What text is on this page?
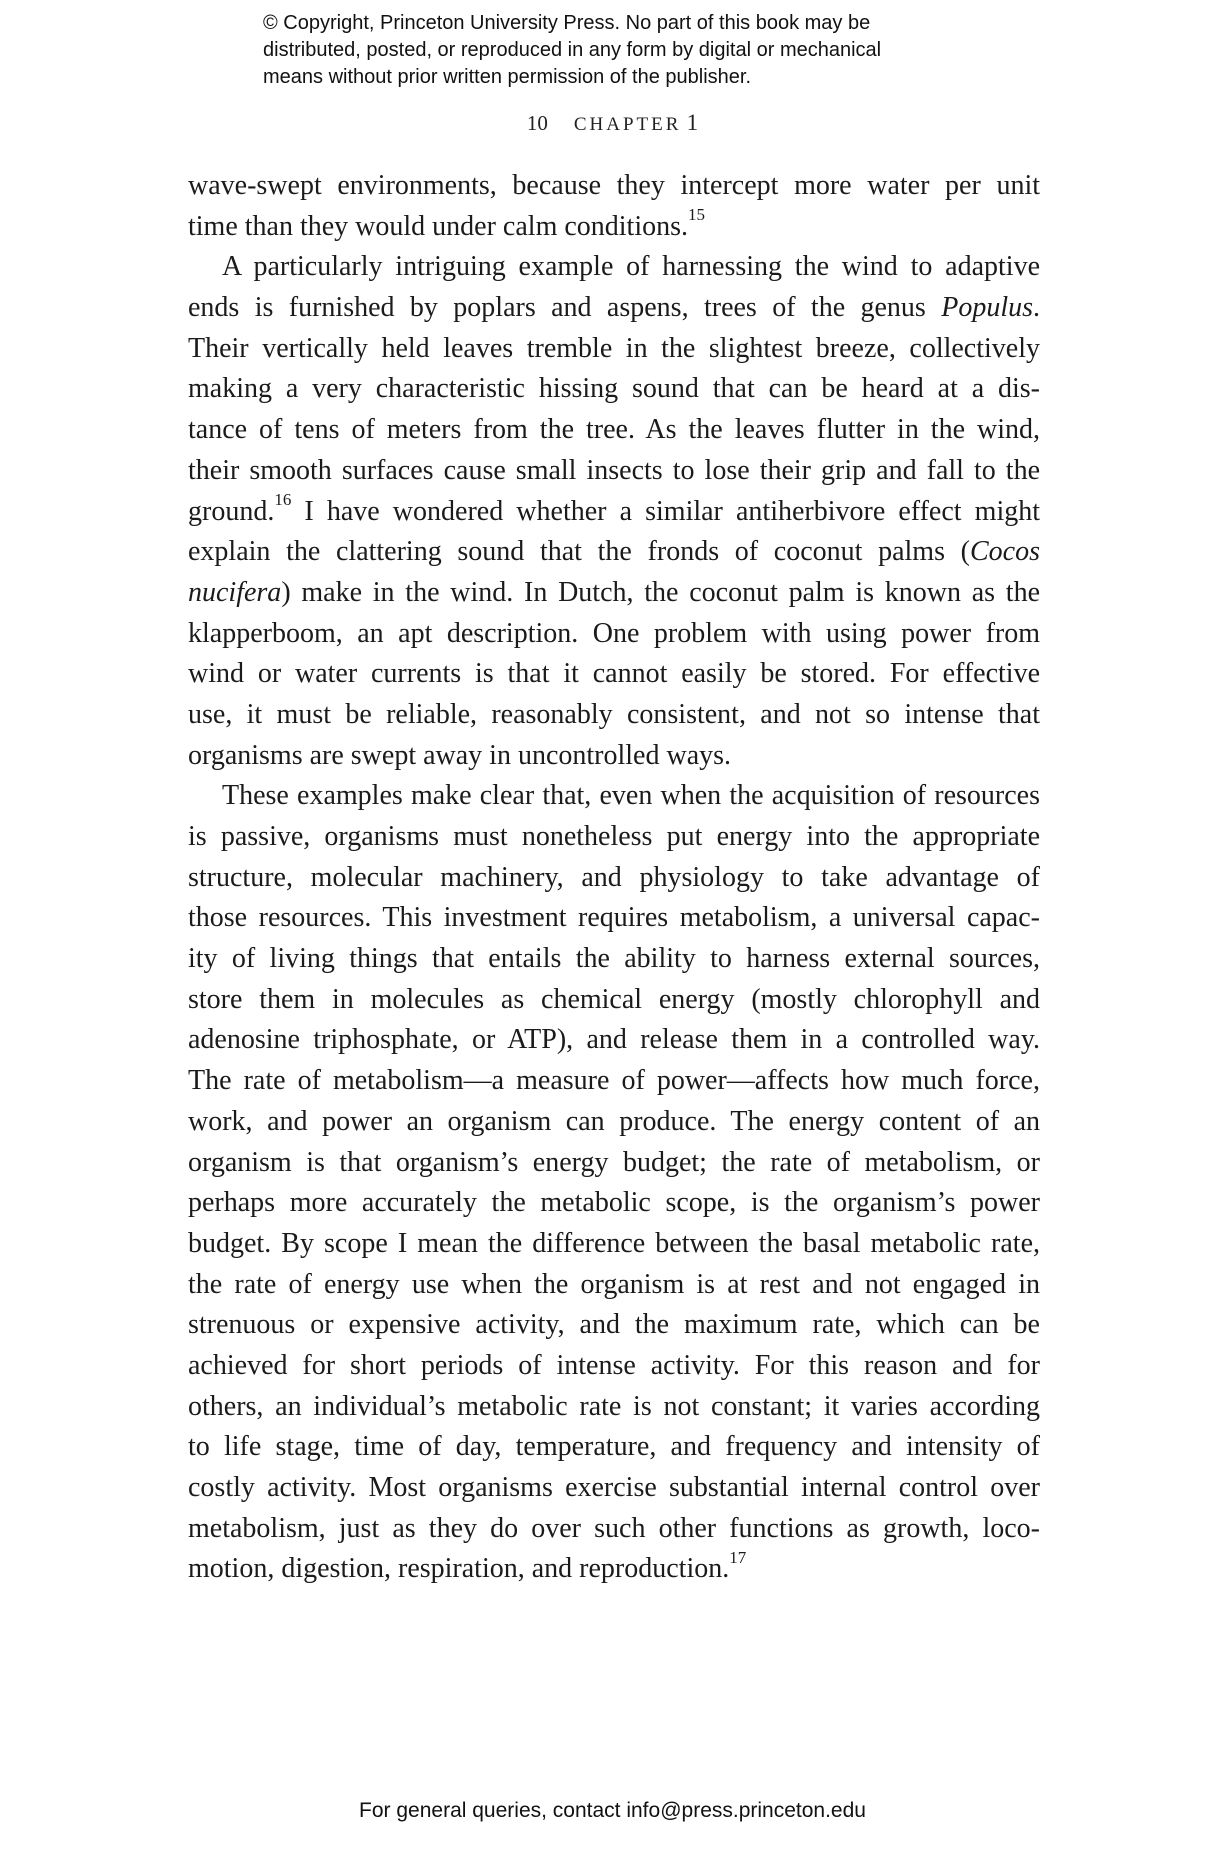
© Copyright, Princeton University Press. No part of this book may be
distributed, posted, or reproduced in any form by digital or mechanical
means without prior written permission of the publisher.
10 CHAPTER 1
wave-swept environments, because they intercept more water per unit
time than they would under calm conditions.$^{15}$
A particularly intriguing example of harnessing the wind to adaptive
ends is furnished by poplars and aspens, trees of the genus Populus.
Their vertically held leaves tremble in the slightest breeze, collectively
making a very characteristic hissing sound that can be heard at a dis-
tance of tens of meters from the tree. As the leaves flutter in the wind,
their smooth surfaces cause small insects to lose their grip and fall to the
ground.$^{16}$ I have wondered whether a similar antiherbivore effect might
explain the clattering sound that the fronds of coconut palms (Cocos
nucifera) make in the wind. In Dutch, the coconut palm is known as the
klapperboom, an apt description. One problem with using power from
wind or water currents is that it cannot easily be stored. For effective
use, it must be reliable, reasonably consistent, and not so intense that
organisms are swept away in uncontrolled ways.
These examples make clear that, even when the acquisition of resources
is passive, organisms must nonetheless put energy into the appropriate
structure, molecular machinery, and physiology to take advantage of
those resources. This investment requires metabolism, a universal capac-
ity of living things that entails the ability to harness external sources,
store them in molecules as chemical energy (mostly chlorophyll and
adenosine triphosphate, or ATP), and release them in a controlled way.
The rate of metabolism—a measure of power—affects how much force,
work, and power an organism can produce. The energy content of an
organism is that organism’s energy budget; the rate of metabolism, or
perhaps more accurately the metabolic scope, is the organism’s power
budget. By scope I mean the difference between the basal metabolic rate,
the rate of energy use when the organism is at rest and not engaged in
strenuous or expensive activity, and the maximum rate, which can be
achieved for short periods of intense activity. For this reason and for
others, an individual’s metabolic rate is not constant; it varies according
to life stage, time of day, temperature, and frequency and intensity of
costly activity. Most organisms exercise substantial internal control over
metabolism, just as they do over such other functions as growth, loco-
motion, digestion, respiration, and reproduction.$^{17}$
For general queries, contact info@press.princeton.edu
